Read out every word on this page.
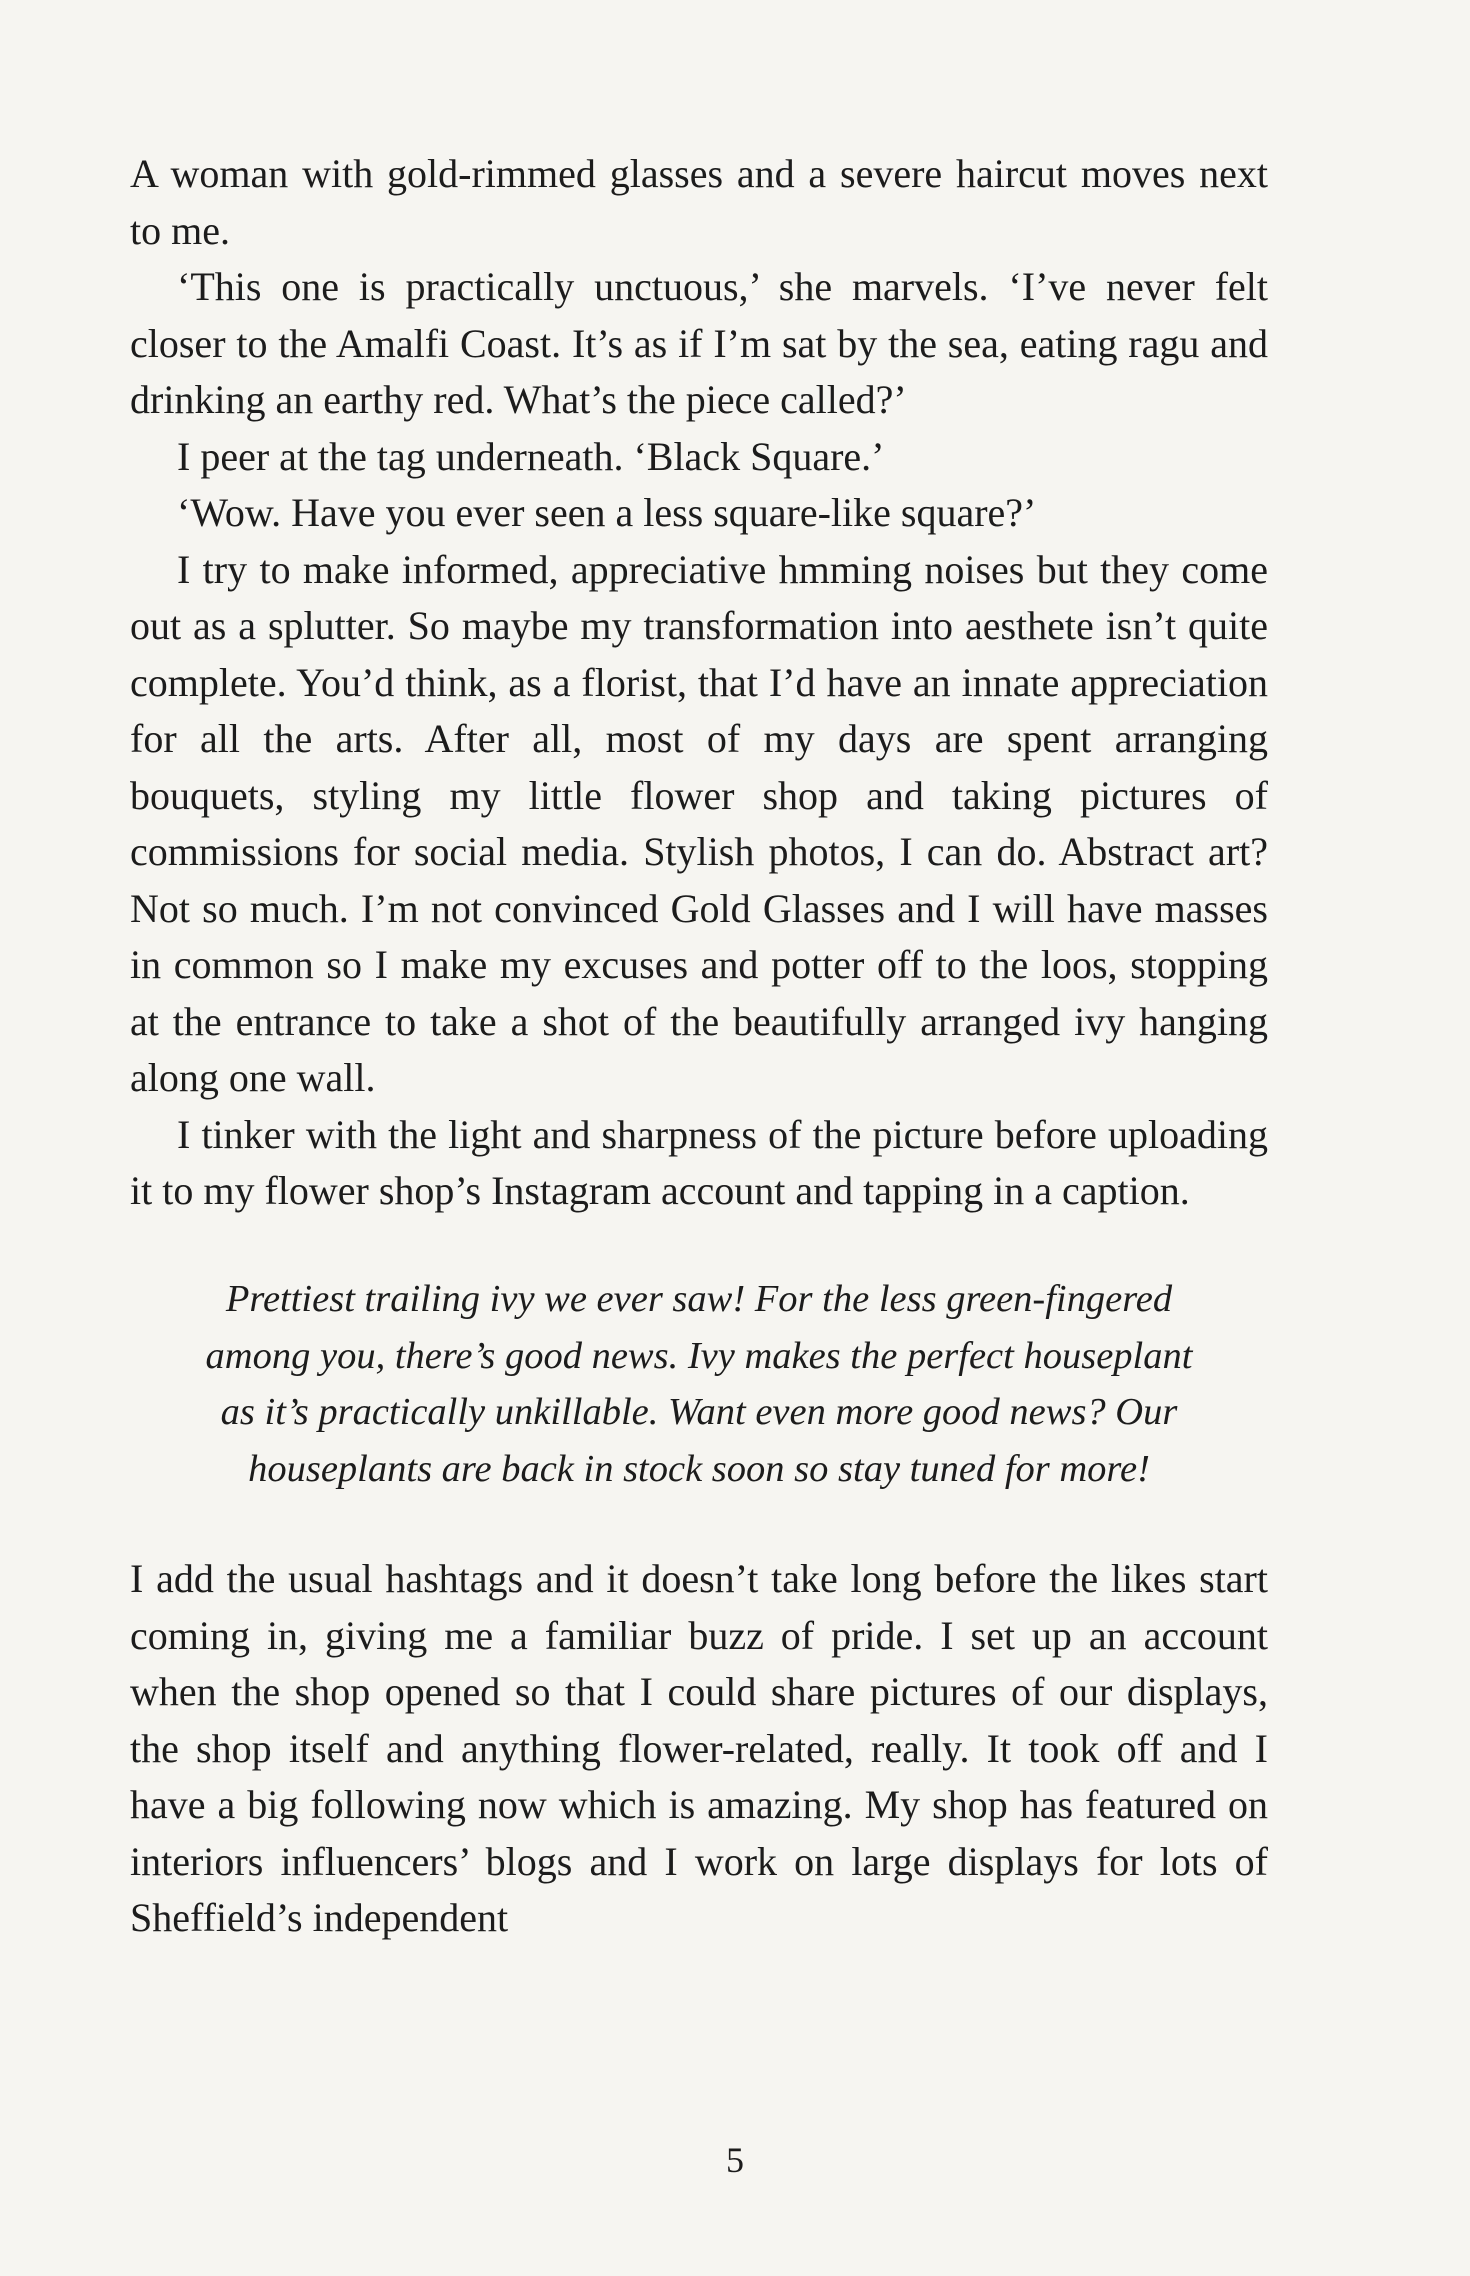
A woman with gold-rimmed glasses and a severe haircut moves next to me.

‘This one is practically unctuous,’ she marvels. ‘I’ve never felt closer to the Amalfi Coast. It’s as if I’m sat by the sea, eating ragu and drinking an earthy red. What’s the piece called?’

I peer at the tag underneath. ‘Black Square.’

‘Wow. Have you ever seen a less square-like square?’

I try to make informed, appreciative hmming noises but they come out as a splutter. So maybe my transformation into aesthete isn’t quite complete. You’d think, as a florist, that I’d have an innate appreciation for all the arts. After all, most of my days are spent arranging bouquets, styling my little flower shop and taking pictures of commissions for social media. Stylish photos, I can do. Abstract art? Not so much. I’m not convinced Gold Glasses and I will have masses in common so I make my excuses and potter off to the loos, stopping at the entrance to take a shot of the beautifully arranged ivy hanging along one wall.

I tinker with the light and sharpness of the picture before uploading it to my flower shop’s Instagram account and tapping in a caption.

Prettiest trailing ivy we ever saw! For the less green-fingered
among you, there’s good news. Ivy makes the perfect houseplant
as it’s practically unkillable. Want even more good news? Our
houseplants are back in stock soon so stay tuned for more!

I add the usual hashtags and it doesn’t take long before the likes start coming in, giving me a familiar buzz of pride. I set up an account when the shop opened so that I could share pictures of our displays, the shop itself and anything flower-related, really. It took off and I have a big following now which is amazing. My shop has featured on interiors influencers’ blogs and I work on large displays for lots of Sheffield’s independent

5
